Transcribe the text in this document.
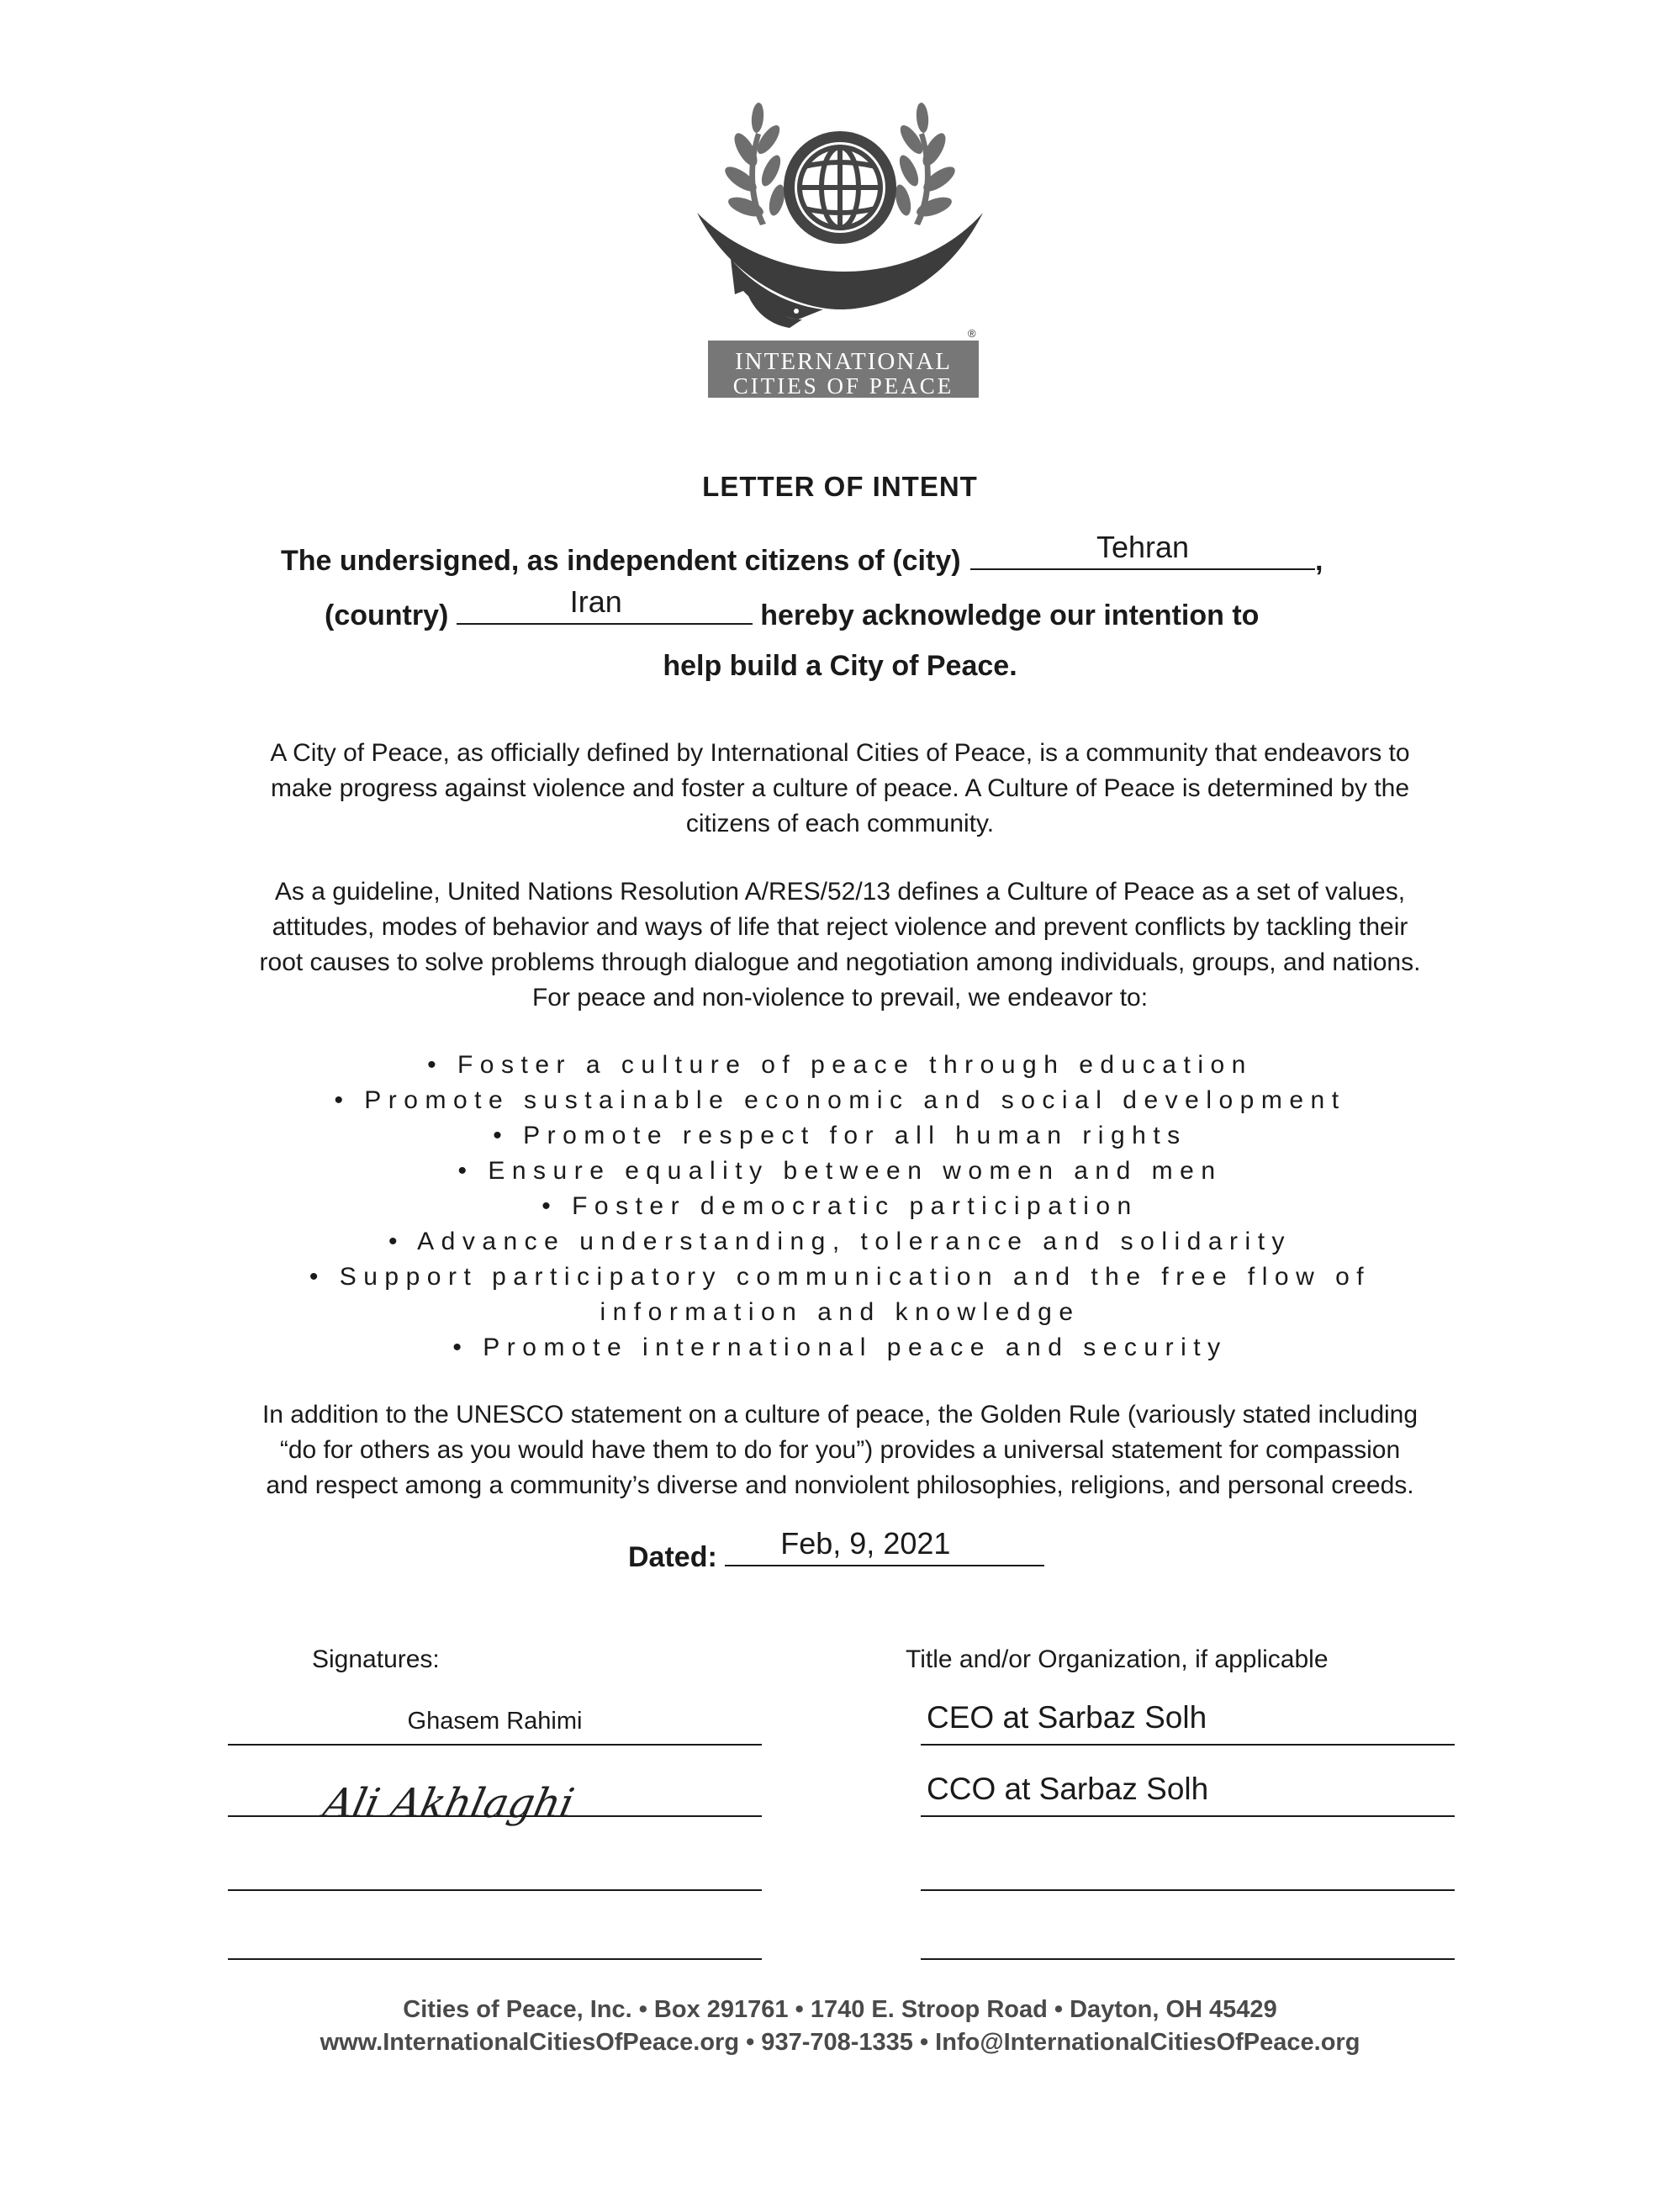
®
INTERNATIONAL
CITIES OF PEACE
LETTER OF INTENT
The undersigned, as independent citizens of (city)	Tehran	,
(country)	Iran	hereby acknowledge our intention to
help build a City of Peace.
A City of Peace, as officially defined by International Cities of Peace, is a community that endeavors to
make progress against violence and foster a culture of peace. A Culture of Peace is determined by the
citizens of each community.
As a guideline, United Nations Resolution A/RES/52/13 defines a Culture of Peace as a set of values,
attitudes, modes of behavior and ways of life that reject violence and prevent conflicts by tackling their
root causes to solve problems through dialogue and negotiation among individuals, groups, and nations.
For peace and non-violence to prevail, we endeavor to:
• Foster a culture of peace through education
• Promote sustainable economic and social development
• Promote respect for all human rights
• Ensure equality between women and men
• Foster democratic participation
• Advance understanding, tolerance and solidarity
• Support participatory communication and the free flow of
information and knowledge
• Promote international peace and security
In addition to the UNESCO statement on a culture of peace, the Golden Rule (variously stated including
“do for others as you would have them to do for you”) provides a universal statement for compassion
and respect among a community’s diverse and nonviolent philosophies, religions, and personal creeds.
Dated: Feb, 9, 2021
Signatures:	Title and/or Organization, if applicable
Ghasem Rahimi	CEO at Sarbaz Solh
Ali Akhlaghi	CCO at Sarbaz Solh
Cities of Peace, Inc. • Box 291761 • 1740 E. Stroop Road • Dayton, OH 45429
www.InternationalCitiesOfPeace.org • 937-708-1335 • Info@InternationalCitiesOfPeace.org
